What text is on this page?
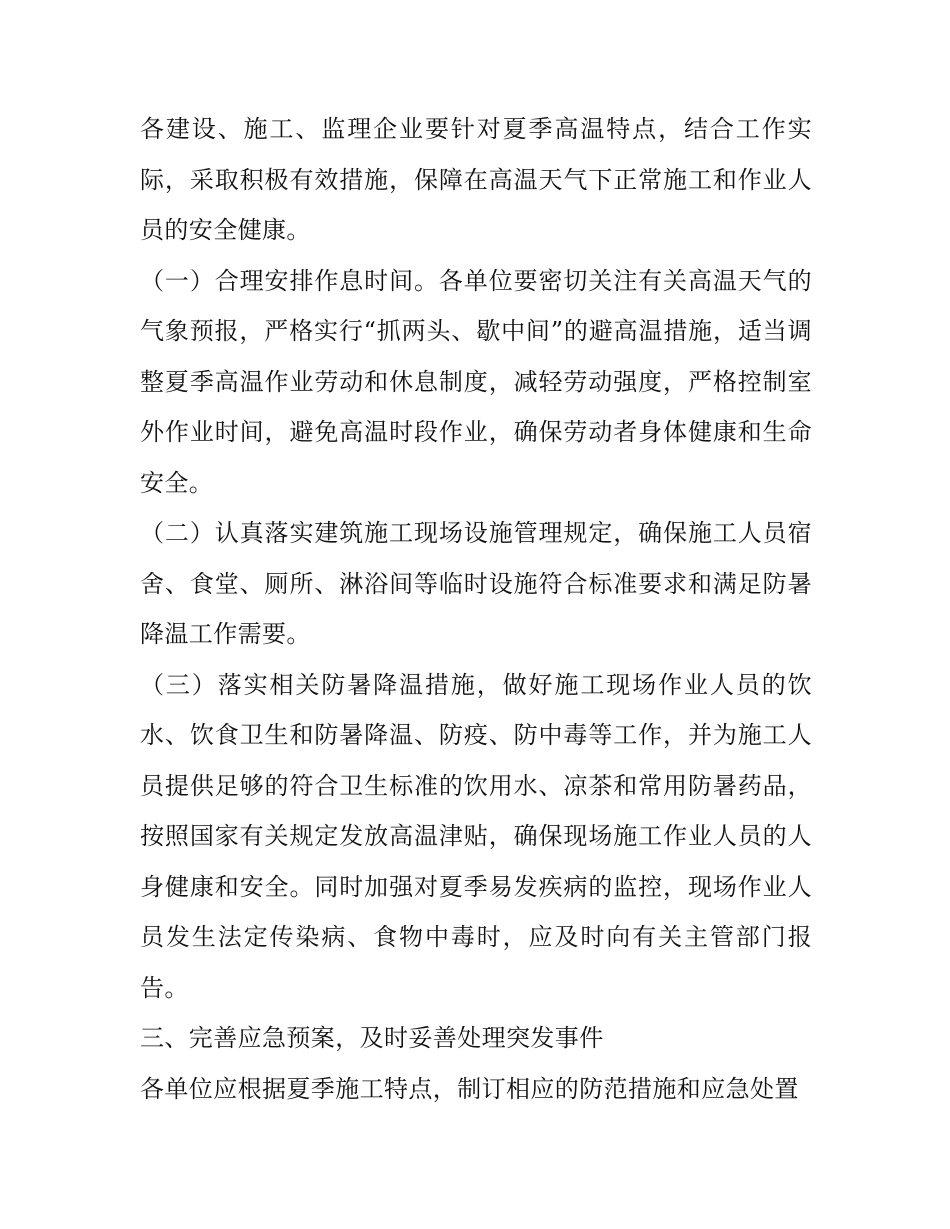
各建设、施工、监理企业要针对夏季高温特点，结合工作实际，采取积极有效措施，保障在高温天气下正常施工和作业人员的安全健康。

（一）合理安排作息时间。各单位要密切关注有关高温天气的气象预报，严格实行“抓两头、歇中间”的避高温措施，适当调整夏季高温作业劳动和休息制度，减轻劳动强度，严格控制室外作业时间，避免高温时段作业，确保劳动者身体健康和生命安全。

（二）认真落实建筑施工现场设施管理规定，确保施工人员宿舍、食堂、厕所、淋浴间等临时设施符合标准要求和满足防暑降温工作需要。

（三）落实相关防暑降温措施，做好施工现场作业人员的饮水、饮食卫生和防暑降温、防疫、防中毒等工作，并为施工人员提供足够的符合卫生标准的饮用水、凉茶和常用防暑药品，按照国家有关规定发放高温津贴，确保现场施工作业人员的人身健康和安全。同时加强对夏季易发疾病的监控，现场作业人员发生法定传染病、食物中毒时，应及时向有关主管部门报告。

三、完善应急预案，及时妥善处理突发事件

各单位应根据夏季施工特点，制订相应的防范措施和应急处置
